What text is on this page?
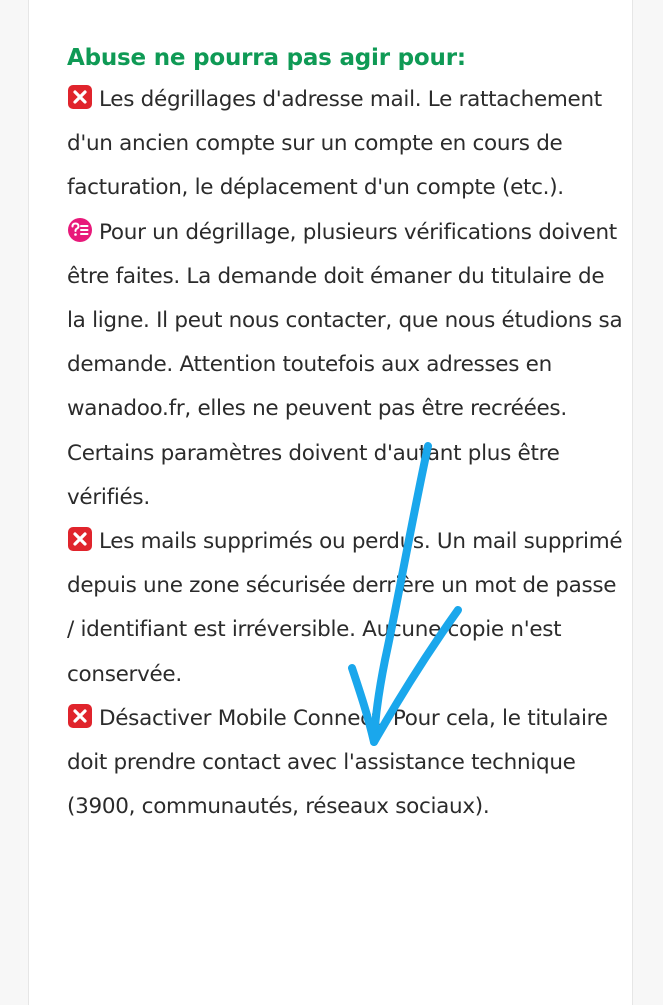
Abuse ne pourra pas agir pour:

Les dégrillages d'adresse mail. Le rattachement d'un ancien compte sur un compte en cours de facturation, le déplacement d'un compte (etc.).

Pour un dégrillage, plusieurs vérifications doivent être faites. La demande doit émaner du titulaire de la ligne. Il peut nous contacter, que nous étudions sa demande. Attention toutefois aux adresses en wanadoo.fr, elles ne peuvent pas être recréées. Certains paramètres doivent d'autant plus être vérifiés.

Les mails supprimés ou perdus. Un mail supprimé depuis une zone sécurisée derrière un mot de passe / identifiant est irréversible. Aucune copie n'est conservée.

Désactiver Mobile Connect. Pour cela, le titulaire doit prendre contact avec l'assistance technique (3900, communautés, réseaux sociaux).
